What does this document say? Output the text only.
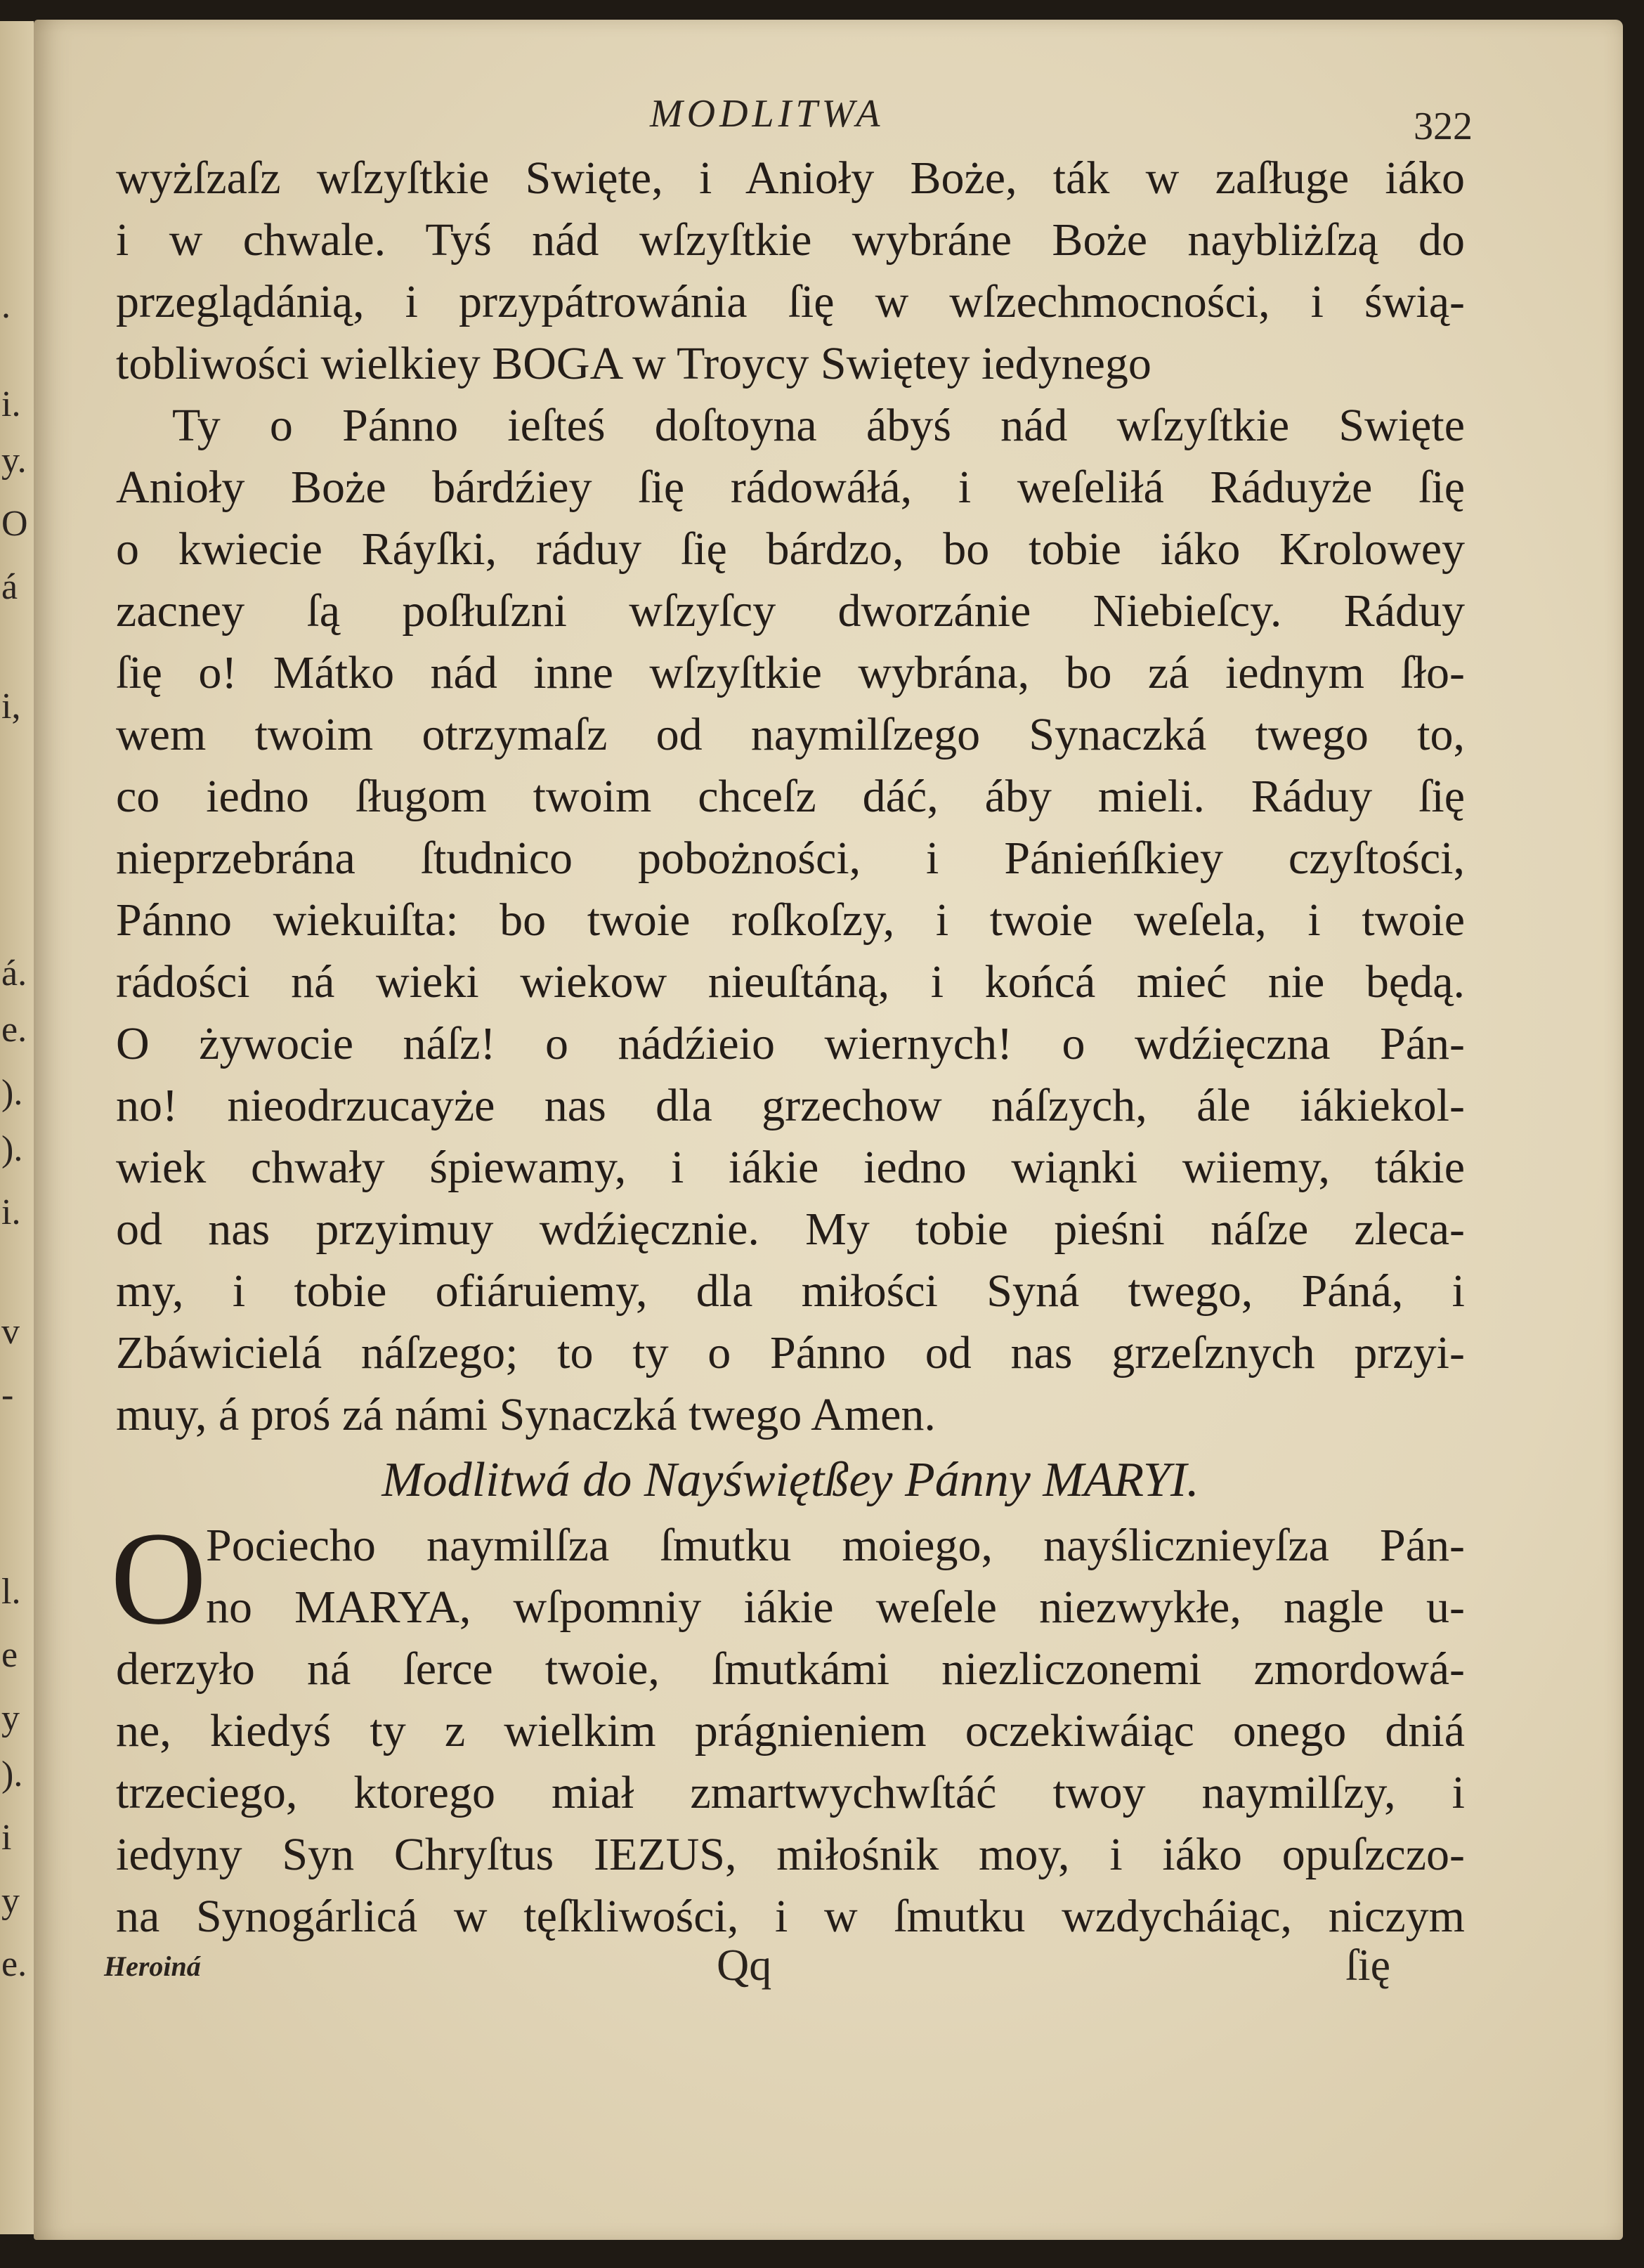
.
i.
y.
O
á
i,
á.
e.
).
).
i.
v
-
l.
e
y
).
i
y
e.
MODLITWA	322
wyżſzaſz wſzyſtkie Swięte, i Anioły Boże, ták w zaſługe iáko
i w chwale. Tyś nád wſzyſtkie wybráne Boże naybliżſzą do
przeglądánią, i przypátrowánia ſię w wſzechmocności, i świą-
tobliwości wielkiey BOGA w Troycy Swiętey iedynego
Ty o Pánno ieſteś doſtoyna ábyś nád wſzyſtkie Swięte
Anioły Boże bárdźiey ſię rádowáłá, i weſeliłá Ráduyże ſię
o kwiecie Ráyſki, ráduy ſię bárdzo, bo tobie iáko Krolowey
zacney ſą poſłuſzni wſzyſcy dworzánie Niebieſcy. Ráduy
ſię o! Mátko nád inne wſzyſtkie wybrána, bo zá iednym ſło-
wem twoim otrzymaſz od naymilſzego Synaczká twego to,
co iedno ſługom twoim chceſz dáć, áby mieli. Ráduy ſię
nieprzebrána ſtudnico pobożności, i Pánieńſkiey czyſtości,
Pánno wiekuiſta: bo twoie roſkoſzy, i twoie weſela, i twoie
rádości ná wieki wiekow nieuſtáną, i końcá mieć nie będą.
O żywocie náſz! o nádźieio wiernych! o wdźięczna Pán-
no! nieodrzucayże nas dla grzechow náſzych, ále iákiekol-
wiek chwały śpiewamy, i iákie iedno wiąnki wiiemy, tákie
od nas przyimuy wdźięcznie. My tobie pieśni náſze zleca-
my, i tobie ofiáruiemy, dla miłości Syná twego, Páná, i
Zbáwicielá náſzego; to ty o Pánno od nas grzeſznych przyi-
muy, á proś zá námi Synaczká twego Amen.
Modlitwá do Nayświętßey Pánny MARYI.
O
Pociecho naymilſza ſmutku moiego, nayślicznieyſza Pán-
no MARYA, wſpomniy iákie weſele niezwykłe, nagle u-
derzyło ná ſerce twoie, ſmutkámi niezliczonemi zmordowá-
ne, kiedyś ty z wielkim prágnieniem oczekiwáiąc onego dniá
trzeciego, ktorego miał zmartwychwſtáć twoy naymilſzy, i
iedyny Syn Chryſtus IEZUS, miłośnik moy, i iáko opuſzczo-
na Synogárlicá w tęſkliwości, i w ſmutku wzdycháiąc, niczym
Heroiná	Qq	ſię
